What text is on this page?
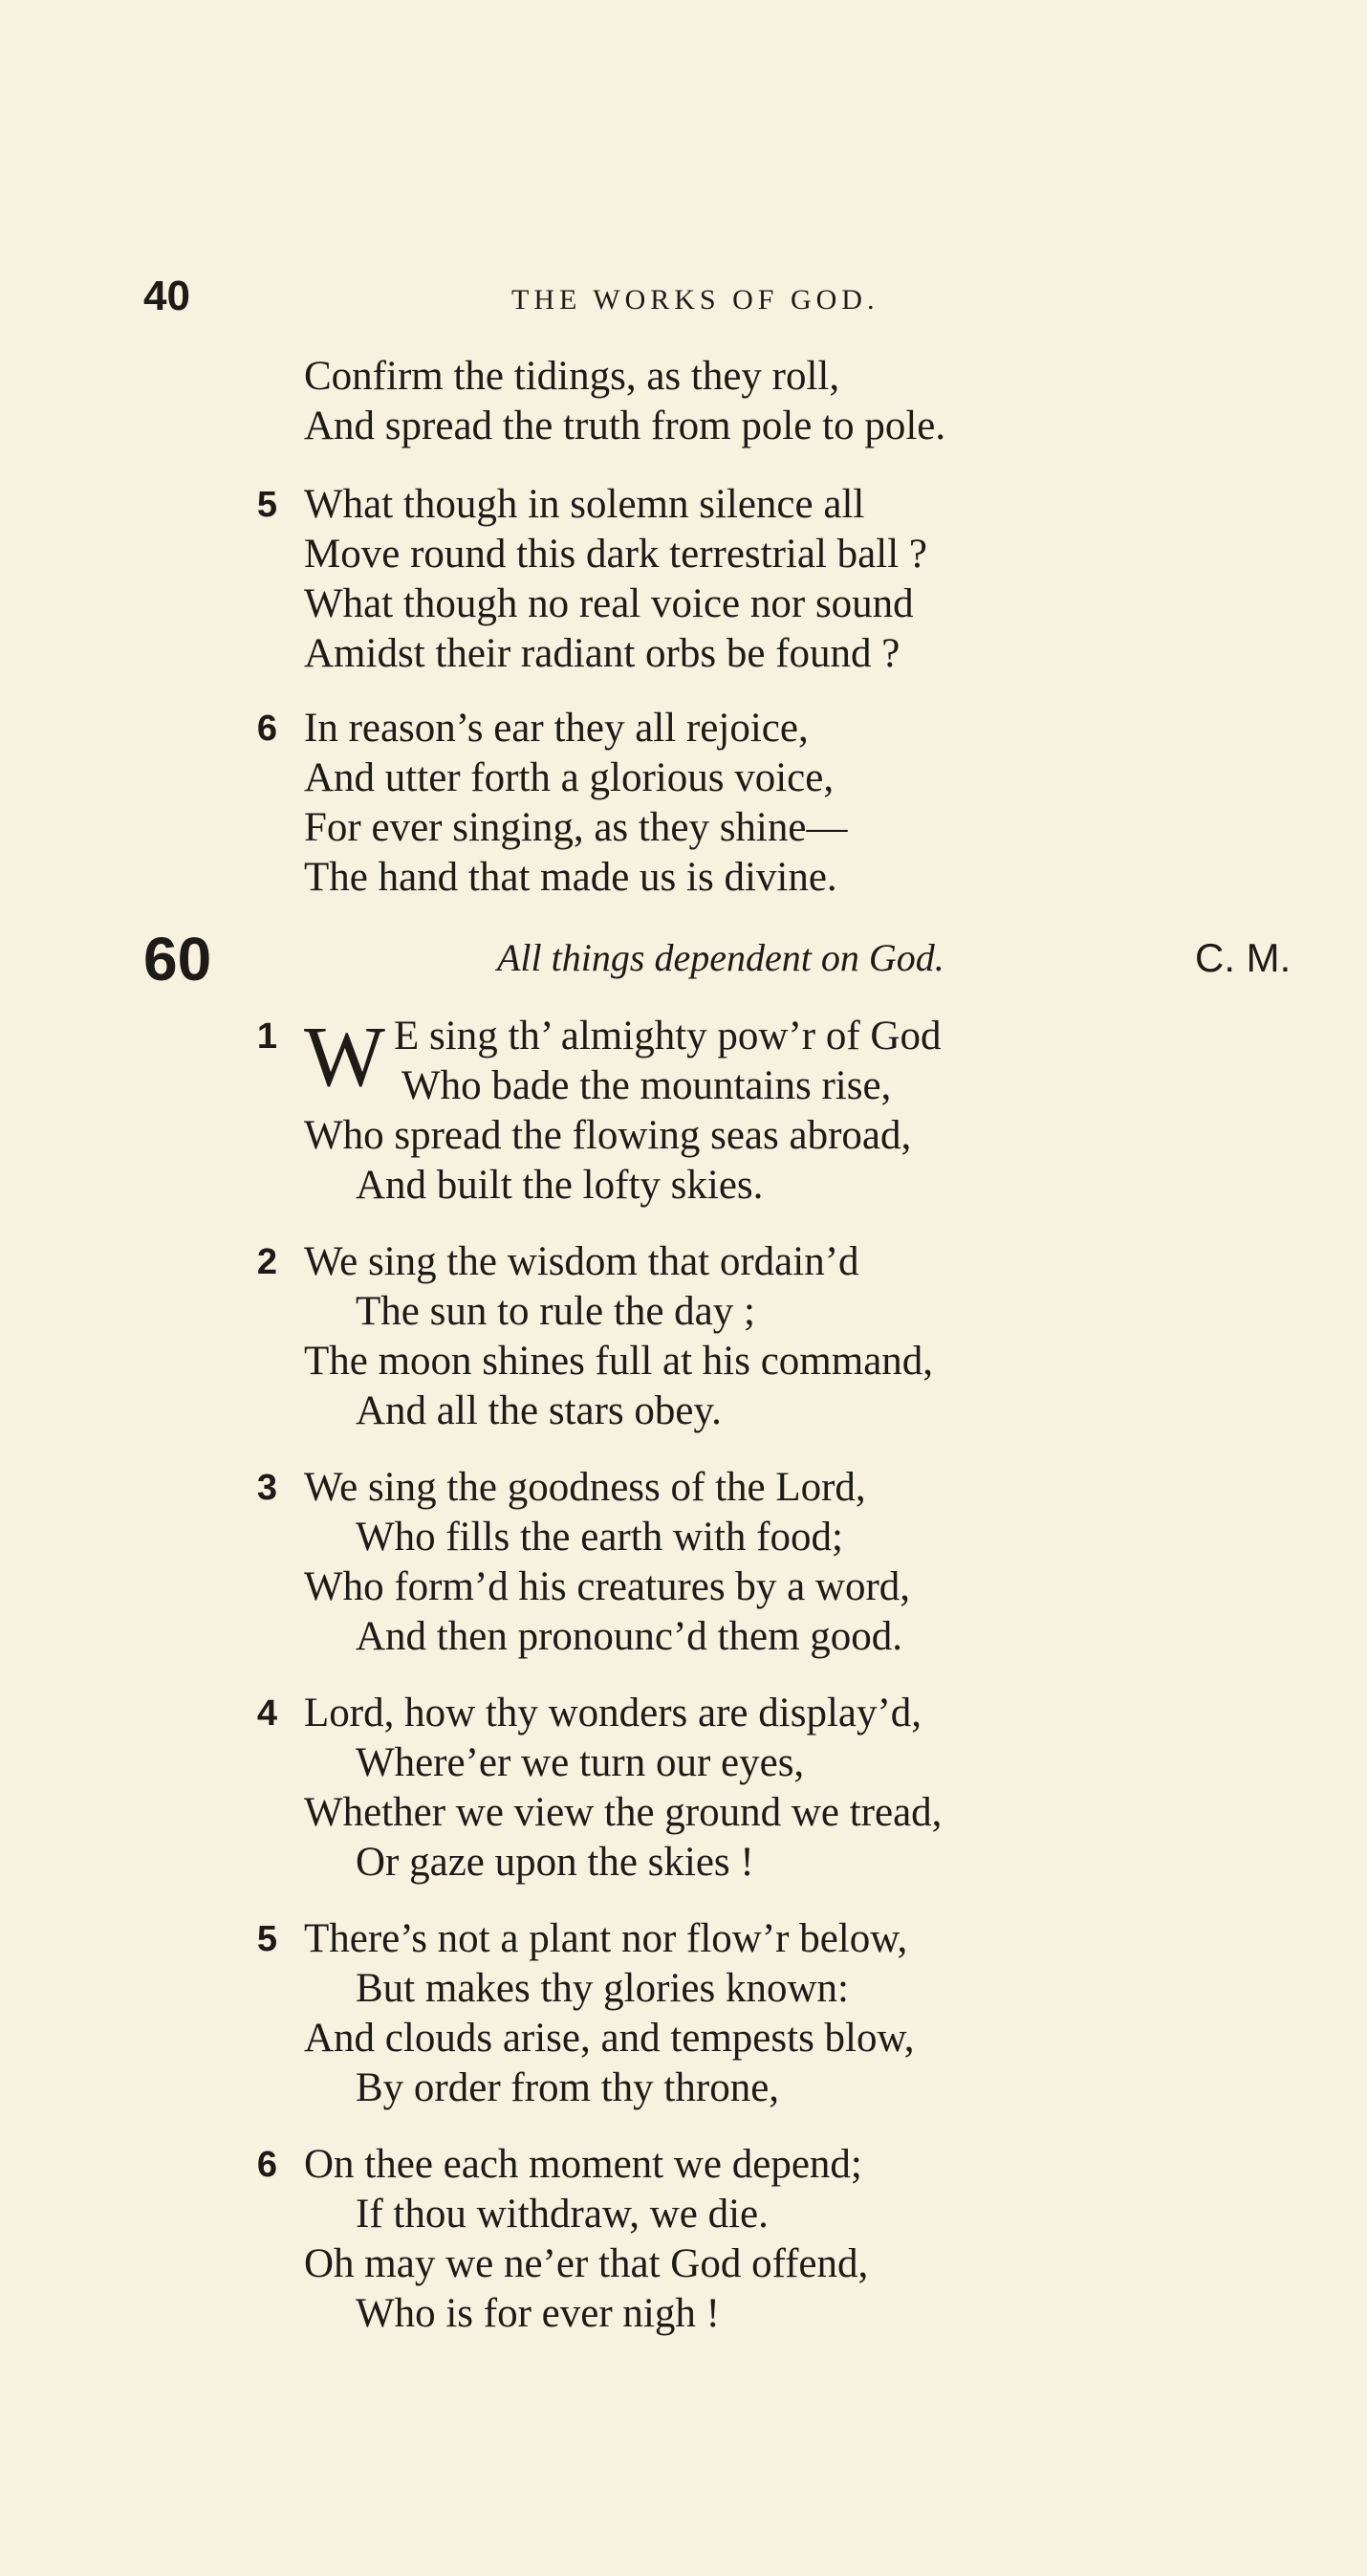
40	THE WORKS OF GOD.
Confirm the tidings, as they roll,
And spread the truth from pole to pole.
5 What though in solemn silence all
Move round this dark terrestrial ball ?
What though no real voice nor sound
Amidst their radiant orbs be found ?
6 In reason’s ear they all rejoice,
And utter forth a glorious voice,
For ever singing, as they shine—
The hand that made us is divine.
60	All things dependent on God.	C. M.
1 W E sing th’ almighty pow’r of God
Who bade the mountains rise,
Who spread the flowing seas abroad,
And built the lofty skies.
2 We sing the wisdom that ordain’d
The sun to rule the day ;
The moon shines full at his command,
And all the stars obey.
3 We sing the goodness of the Lord,
Who fills the earth with food;
Who form’d his creatures by a word,
And then pronounc’d them good.
4 Lord, how thy wonders are display’d,
Where’er we turn our eyes,
Whether we view the ground we tread,
Or gaze upon the skies !
5 There’s not a plant nor flow’r below,
But makes thy glories known:
And clouds arise, and tempests blow,
By order from thy throne,
6 On thee each moment we depend;
If thou withdraw, we die.
Oh may we ne’er that God offend,
Who is for ever nigh !
